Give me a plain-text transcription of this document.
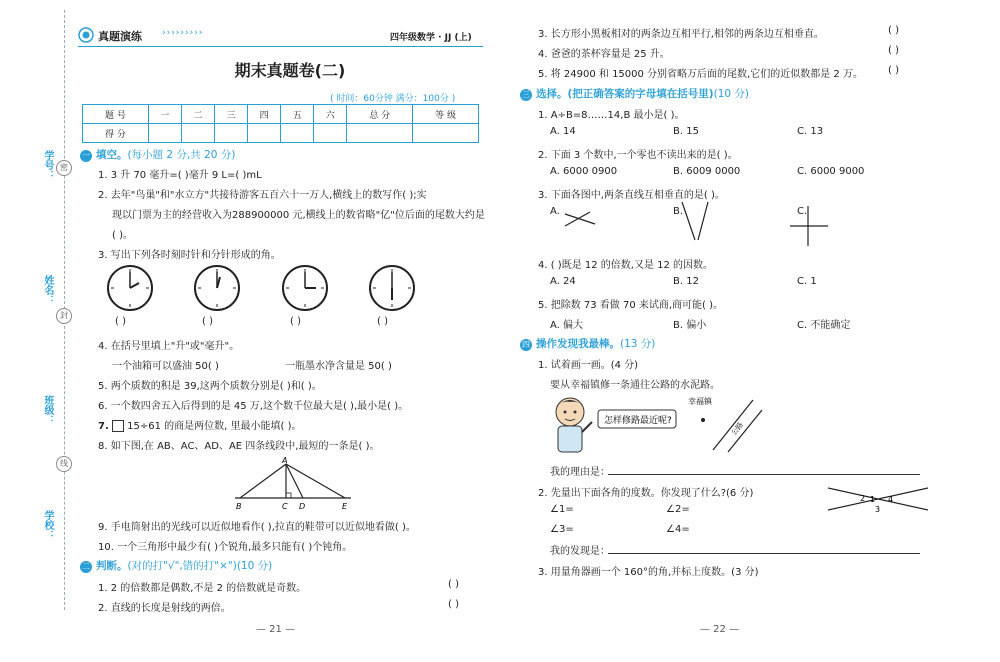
学号：
姓名：
班级：
学校：
密
封
线
真题演练 ›››››››››	四年级数学 · JJ (上)
期末真题卷(二)
( 时间：60分钟 满分：100分 )
题 号	一	二	三	四	五	六	总 分	等 级
得 分								
一 填空。(每小题 2 分,共 20 分)
1. 3 升 70 毫升=( )毫升 9 L=( )mL
2. 去年"鸟巢"和"水立方"共接待游客五百六十一万人,横线上的数写作( );实
现以门票为主的经营收入为288900000 元,横线上的数省略"亿"位后面的尾数大约是
( )。
3. 写出下列各时刻时针和分针形成的角。
( )	( )	( )	( )
4. 在括号里填上"升"或"毫升"。
一个油箱可以盛油 50( )	一瓶墨水净含量是 50( )
5. 两个质数的积是 39,这两个质数分别是( )和( )。
6. 一个数四舍五入后得到的是 45 万,这个数千位最大是( ),最小是( )。
7. 15÷61 的商是两位数, 里最小能填( )。
8. 如下图,在 AB、AC、AD、AE 四条线段中,最短的一条是( )。
A
B	C D	E
9. 手电筒射出的光线可以近似地看作( ),拉直的鞋带可以近似地看做( )。
10. 一个三角形中最少有( )个锐角,最多只能有( )个钝角。
二 判断。(对的打"√",错的打"×")(10 分)
1. 2 的倍数都是偶数,不是 2 的倍数就是奇数。	( )
2. 直线的长度是射线的两倍。	( )
— 21 —
3. 长方形小黑板相对的两条边互相平行,相邻的两条边互相垂直。	( )
4. 爸爸的茶杯容量是 25 升。	( )
5. 将 24900 和 15000 分别省略万后面的尾数,它们的近似数都是 2 万。	( )
三 选择。(把正确答案的字母填在括号里)(10 分)
1. A÷B=8……14,B 最小是( )。
A. 14	B. 15	C. 13
2. 下面 3 个数中,一个零也不读出来的是( )。
A. 6000 0900	B. 6009 0000	C. 6000 9000
3. 下面各图中,两条直线互相垂直的是( )。
A.	B.	C.
4. ( )既是 12 的倍数,又是 12 的因数。
A. 24	B. 12	C. 1
5. 把除数 73 看做 70 来试商,商可能( )。
A. 偏大	B. 偏小	C. 不能确定
四 操作发现我最棒。(13 分)
1. 试着画一画。(4 分)
要从幸福镇修一条通往公路的水泥路。
怎样修路最近呢?
幸福镇
公路
我的理由是：
2. 先量出下面各角的度数。你发现了什么?(6 分)	2 1 4
3
∠1=	∠2=
∠3=	∠4=
我的发现是：
3. 用量角器画一个 160°的角,并标上度数。(3 分)
— 22 —
